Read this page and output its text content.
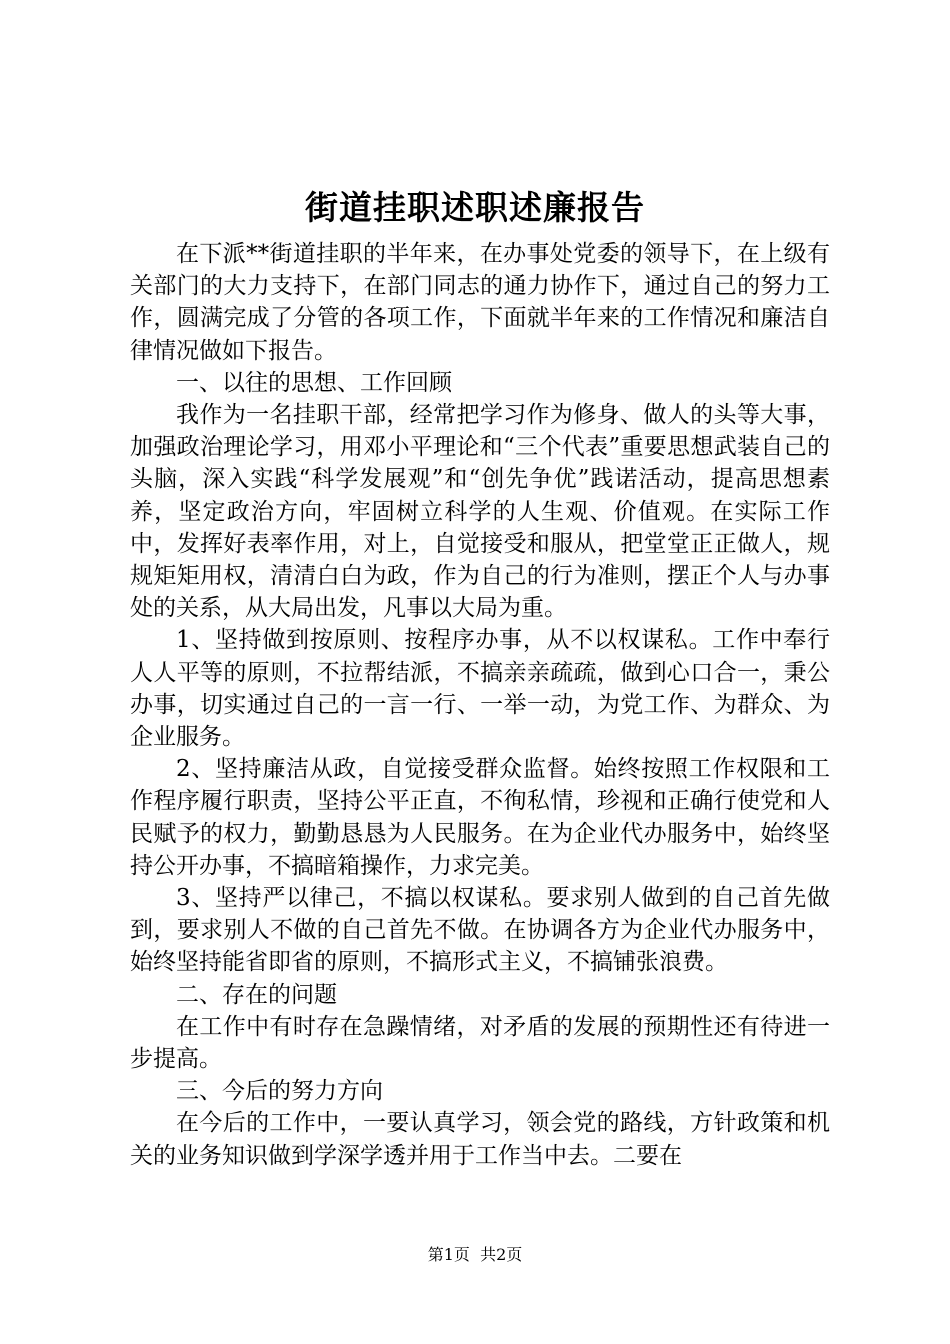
街道挂职述职述廉报告

在下派**街道挂职的半年来，在办事处党委的领导下，在上级有关部门的大力支持下，在部门同志的通力协作下，通过自己的努力工作，圆满完成了分管的各项工作，下面就半年来的工作情况和廉洁自律情况做如下报告。

一、以往的思想、工作回顾

我作为一名挂职干部，经常把学习作为修身、做人的头等大事，加强政治理论学习，用邓小平理论和“三个代表”重要思想武装自己的头脑，深入实践“科学发展观”和“创先争优”践诺活动，提高思想素养，坚定政治方向，牢固树立科学的人生观、价值观。在实际工作中，发挥好表率作用，对上，自觉接受和服从，把堂堂正正做人，规规矩矩用权，清清白白为政，作为自己的行为准则，摆正个人与办事处的关系，从大局出发，凡事以大局为重。

1、坚持做到按原则、按程序办事，从不以权谋私。工作中奉行人人平等的原则，不拉帮结派，不搞亲亲疏疏，做到心口合一，秉公办事，切实通过自己的一言一行、一举一动，为党工作、为群众、为企业服务。

2、坚持廉洁从政，自觉接受群众监督。始终按照工作权限和工作程序履行职责，坚持公平正直，不徇私情，珍视和正确行使党和人民赋予的权力，勤勤恳恳为人民服务。在为企业代办服务中，始终坚持公开办事，不搞暗箱操作，力求完美。

3、坚持严以律己，不搞以权谋私。要求别人做到的自己首先做到，要求别人不做的自己首先不做。在协调各方为企业代办服务中，始终坚持能省即省的原则，不搞形式主义，不搞铺张浪费。

二、存在的问题

在工作中有时存在急躁情绪，对矛盾的发展的预期性还有待进一步提高。

三、今后的努力方向

在今后的工作中，一要认真学习，领会党的路线，方针政策和机关的业务知识做到学深学透并用于工作当中去。二要在

第1页  共2页
